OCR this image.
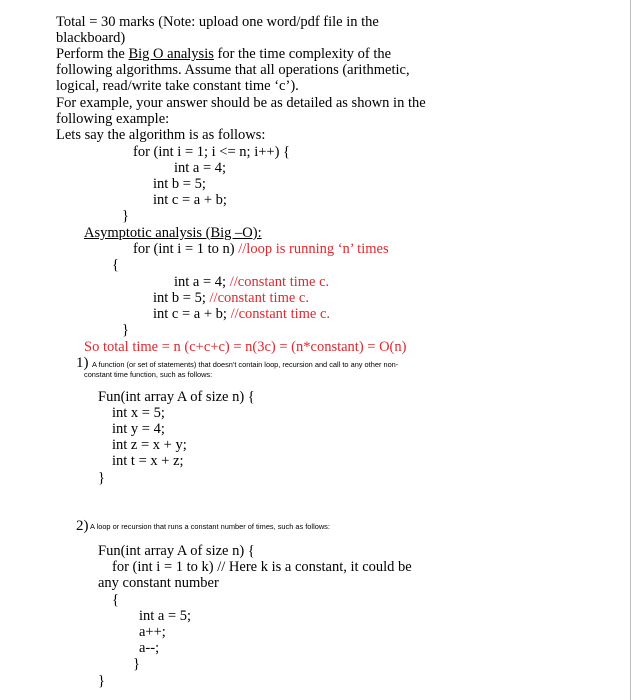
Total = 30 marks (Note: upload one word/pdf file in the
blackboard)
Perform the Big O analysis for the time complexity of the
following algorithms. Assume that all operations (arithmetic,
logical, read/write take constant time ‘c’).
For example, your answer should be as detailed as shown in the
following example:
Lets say the algorithm is as follows:
for (int i = 1; i <= n; i++) {
int a = 4;
int b = 5;
int c = a + b;
}
Asymptotic analysis (Big –O):
for (int i = 1 to n) //loop is running ‘n’ times
{
int a = 4; //constant time c.
int b = 5; //constant time c.
int c = a + b; //constant time c.
}
So total time = n (c+c+c) = n(3c) = (n*constant) = O(n)
1) A function (or set of statements) that doesn't contain loop, recursion and call to any other non-
constant time function, such as follows:
Fun(int array A of size n) {
int x = 5;
int y = 4;
int z = x + y;
int t = x + z;
}
2) A loop or recursion that runs a constant number of times, such as follows:
Fun(int array A of size n) {
for (int i = 1 to k) // Here k is a constant, it could be
any constant number
{
int a = 5;
a++;
a--;
}
}
